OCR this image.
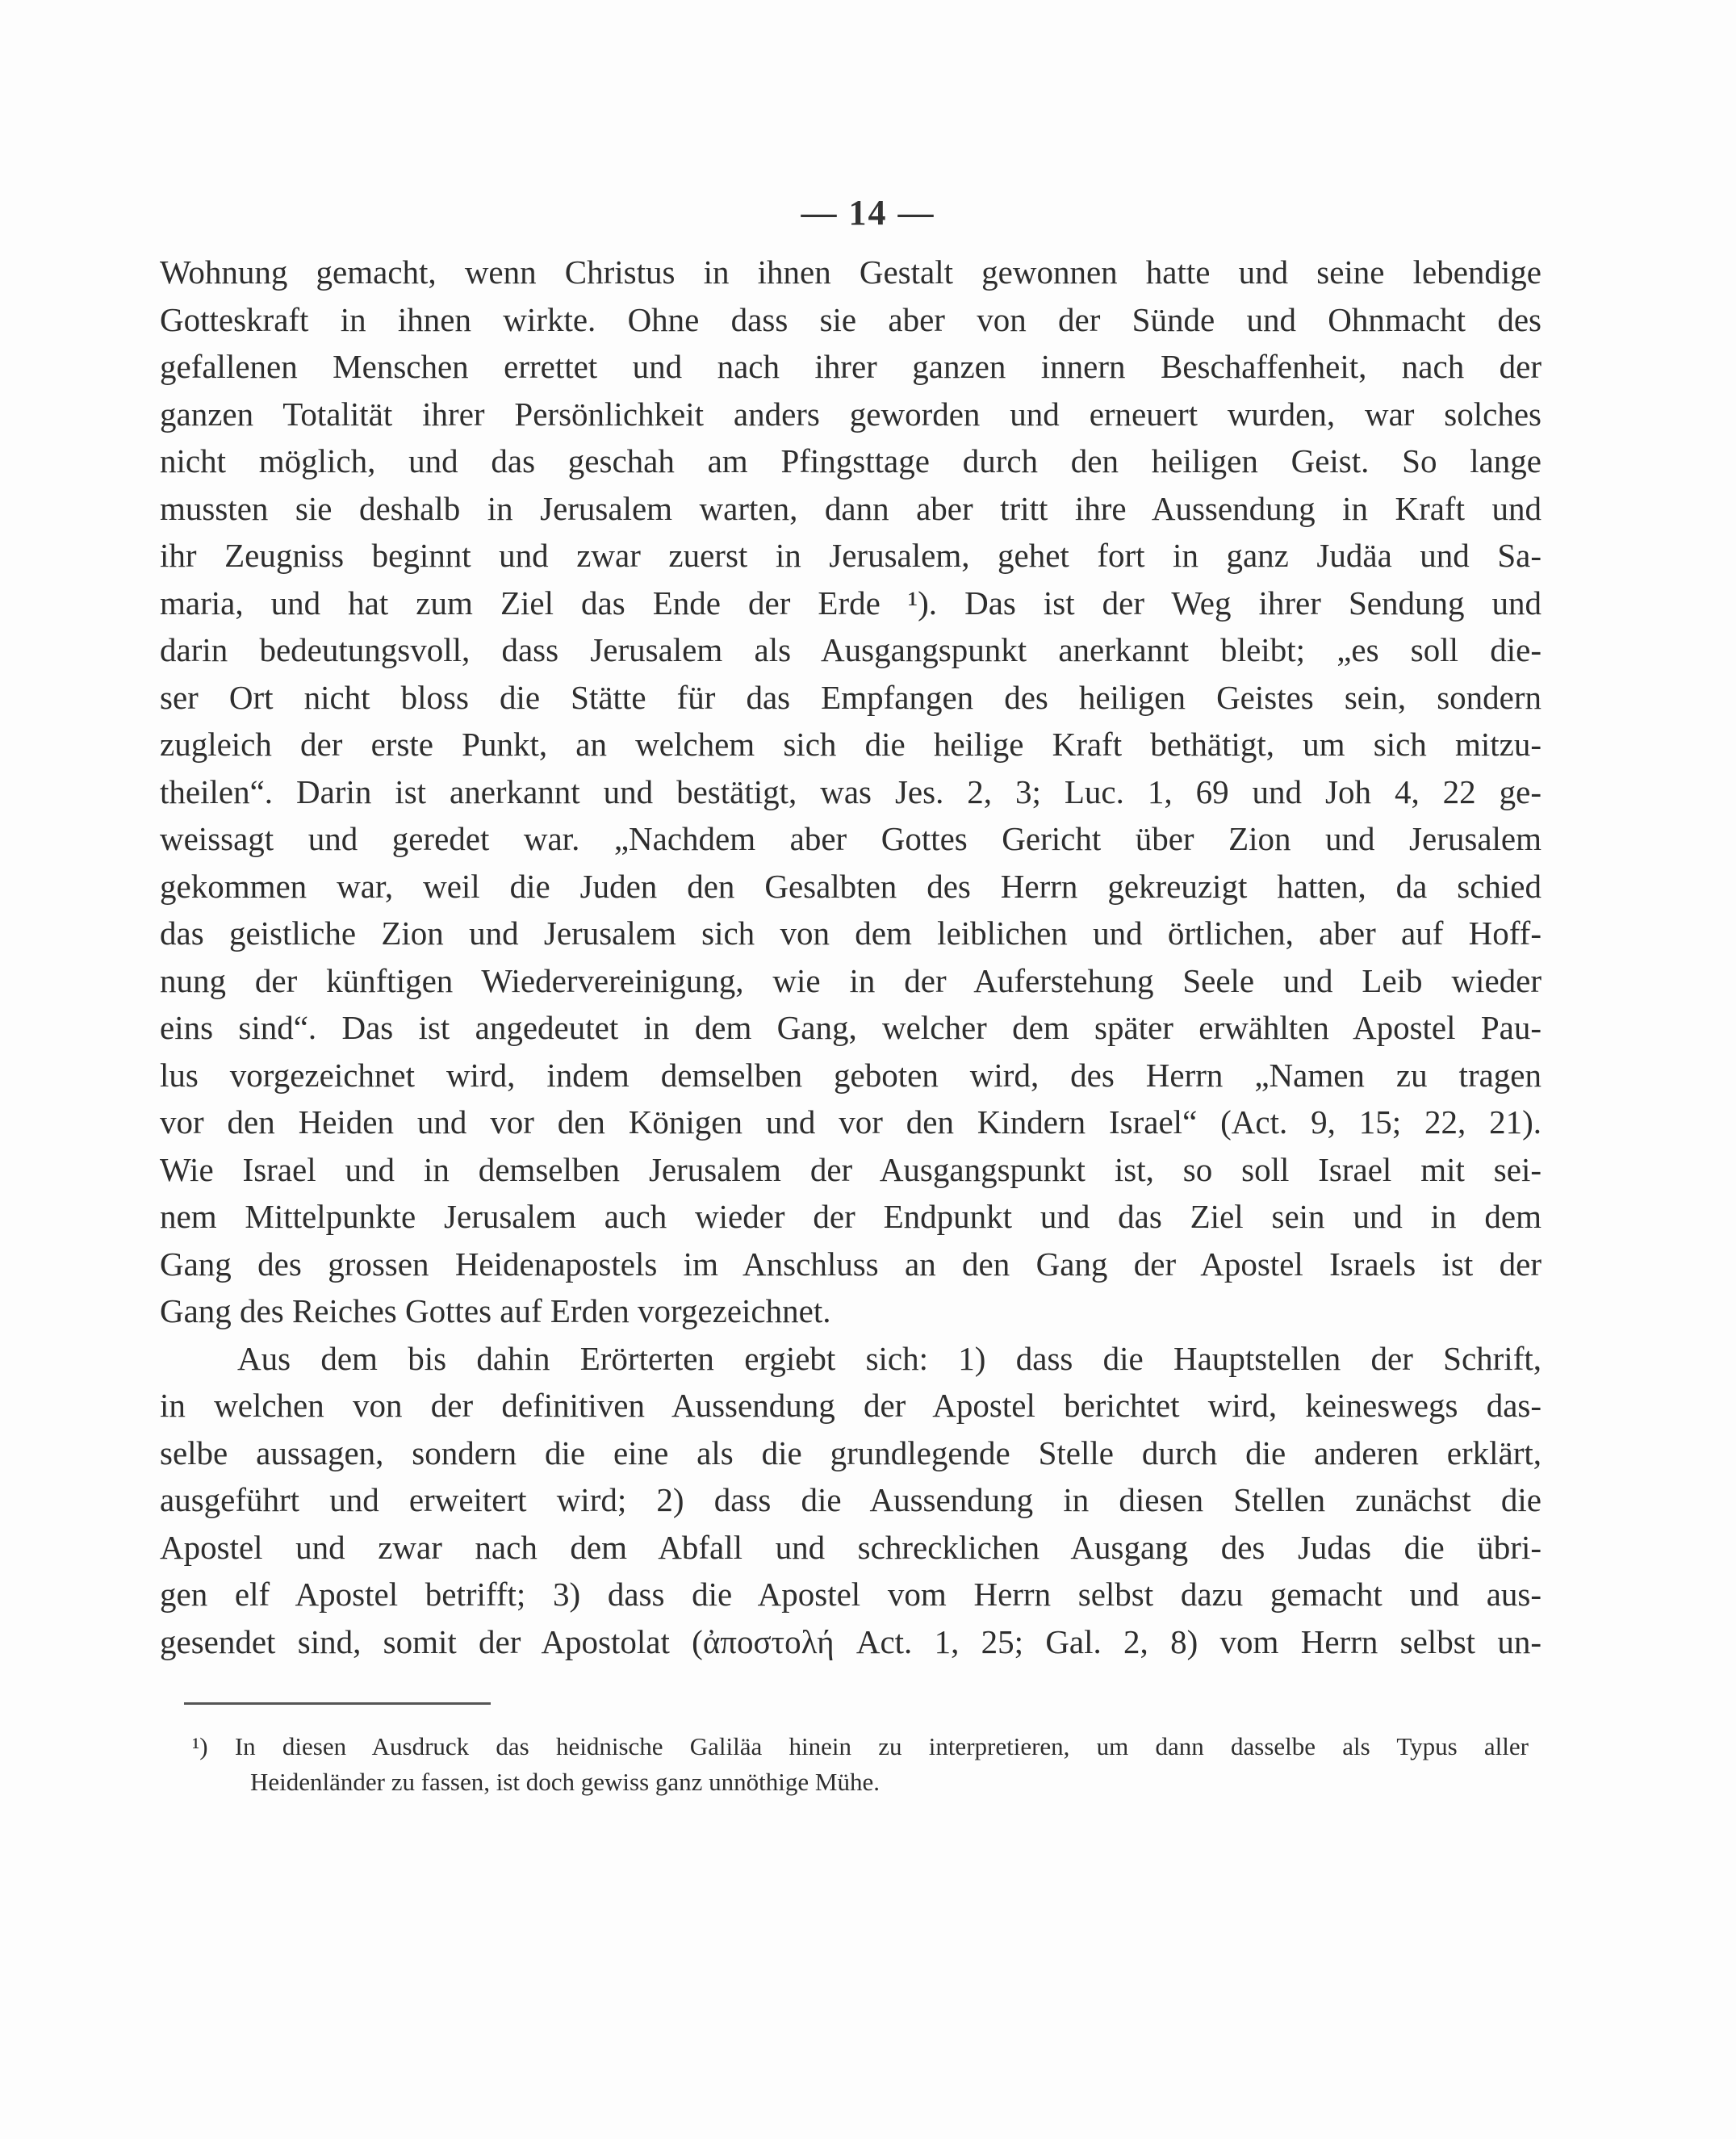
— 14 —
Wohnung gemacht, wenn Christus in ihnen Gestalt gewonnen hatte und seine lebendige
Gotteskraft in ihnen wirkte. Ohne dass sie aber von der Sünde und Ohnmacht des
gefallenen Menschen errettet und nach ihrer ganzen innern Beschaffenheit, nach der
ganzen Totalität ihrer Persönlichkeit anders geworden und erneuert wurden, war solches
nicht möglich, und das geschah am Pfingsttage durch den heiligen Geist. So lange
mussten sie deshalb in Jerusalem warten, dann aber tritt ihre Aussendung in Kraft und
ihr Zeugniss beginnt und zwar zuerst in Jerusalem, gehet fort in ganz Judäa und Sa-
maria, und hat zum Ziel das Ende der Erde ¹). Das ist der Weg ihrer Sendung und
darin bedeutungsvoll, dass Jerusalem als Ausgangspunkt anerkannt bleibt; „es soll die-
ser Ort nicht bloss die Stätte für das Empfangen des heiligen Geistes sein, sondern
zugleich der erste Punkt, an welchem sich die heilige Kraft bethätigt, um sich mitzu-
theilen“. Darin ist anerkannt und bestätigt, was Jes. 2, 3; Luc. 1, 69 und Joh 4, 22 ge-
weissagt und geredet war. „Nachdem aber Gottes Gericht über Zion und Jerusalem
gekommen war, weil die Juden den Gesalbten des Herrn gekreuzigt hatten, da schied
das geistliche Zion und Jerusalem sich von dem leiblichen und örtlichen, aber auf Hoff-
nung der künftigen Wiedervereinigung, wie in der Auferstehung Seele und Leib wieder
eins sind“. Das ist angedeutet in dem Gang, welcher dem später erwählten Apostel Pau-
lus vorgezeichnet wird, indem demselben geboten wird, des Herrn „Namen zu tragen
vor den Heiden und vor den Königen und vor den Kindern Israel“ (Act. 9, 15; 22, 21).
Wie Israel und in demselben Jerusalem der Ausgangspunkt ist, so soll Israel mit sei-
nem Mittelpunkte Jerusalem auch wieder der Endpunkt und das Ziel sein und in dem
Gang des grossen Heidenapostels im Anschluss an den Gang der Apostel Israels ist der
Gang des Reiches Gottes auf Erden vorgezeichnet.
Aus dem bis dahin Erörterten ergiebt sich: 1) dass die Hauptstellen der Schrift,
in welchen von der definitiven Aussendung der Apostel berichtet wird, keineswegs das-
selbe aussagen, sondern die eine als die grundlegende Stelle durch die anderen erklärt,
ausgeführt und erweitert wird; 2) dass die Aussendung in diesen Stellen zunächst die
Apostel und zwar nach dem Abfall und schrecklichen Ausgang des Judas die übri-
gen elf Apostel betrifft; 3) dass die Apostel vom Herrn selbst dazu gemacht und aus-
gesendet sind, somit der Apostolat (ἀποστολή Act. 1, 25; Gal. 2, 8) vom Herrn selbst un-
¹) In diesen Ausdruck das heidnische Galiläa hinein zu interpretieren, um dann dasselbe als Typus aller
Heidenländer zu fassen, ist doch gewiss ganz unnöthige Mühe.
